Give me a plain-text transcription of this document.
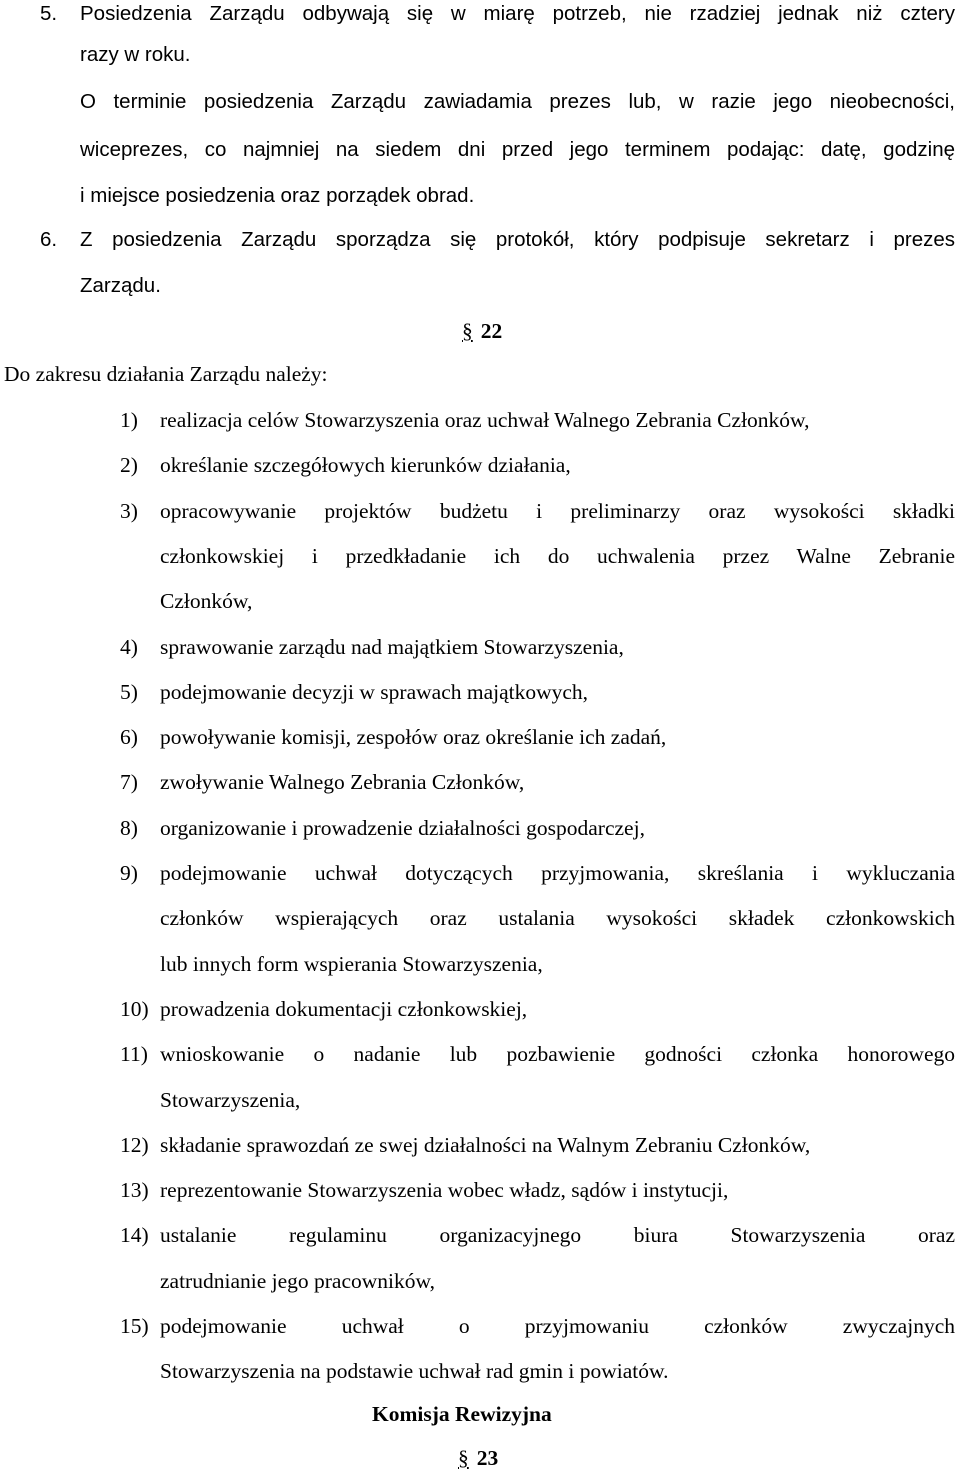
5. Posiedzenia Zarządu odbywają się w miarę potrzeb, nie rzadziej jednak niż cztery
razy w roku.
O terminie posiedzenia Zarządu zawiadamia prezes lub, w razie jego nieobecności,
wiceprezes, co najmniej na siedem dni przed jego terminem podając: datę, godzinę
i miejsce posiedzenia oraz porządek obrad.
6. Z posiedzenia Zarządu sporządza się protokół, który podpisuje sekretarz i prezes
Zarządu.
§ 22
Do zakresu działania Zarządu należy:
1) realizacja celów Stowarzyszenia oraz uchwał Walnego Zebrania Członków,
2) określanie szczegółowych kierunków działania,
3) opracowywanie projektów budżetu i preliminarzy oraz wysokości składki
członkowskiej i przedkładanie ich do uchwalenia przez Walne Zebranie
Członków,
4) sprawowanie zarządu nad majątkiem Stowarzyszenia,
5) podejmowanie decyzji w sprawach majątkowych,
6) powoływanie komisji, zespołów oraz określanie ich zadań,
7) zwoływanie Walnego Zebrania Członków,
8) organizowanie i prowadzenie działalności gospodarczej,
9) podejmowanie uchwał dotyczących przyjmowania, skreślania i wykluczania
członków wspierających oraz ustalania wysokości składek członkowskich
lub innych form wspierania Stowarzyszenia,
10) prowadzenia dokumentacji członkowskiej,
11) wnioskowanie o nadanie lub pozbawienie godności członka honorowego
Stowarzyszenia,
12) składanie sprawozdań ze swej działalności na Walnym Zebraniu Członków,
13) reprezentowanie Stowarzyszenia wobec władz, sądów i instytucji,
14) ustalanie regulaminu organizacyjnego biura Stowarzyszenia oraz
zatrudnianie jego pracowników,
15) podejmowanie uchwał o przyjmowaniu członków zwyczajnych
Stowarzyszenia na podstawie uchwał rad gmin i powiatów.
Komisja Rewizyjna
§ 23
